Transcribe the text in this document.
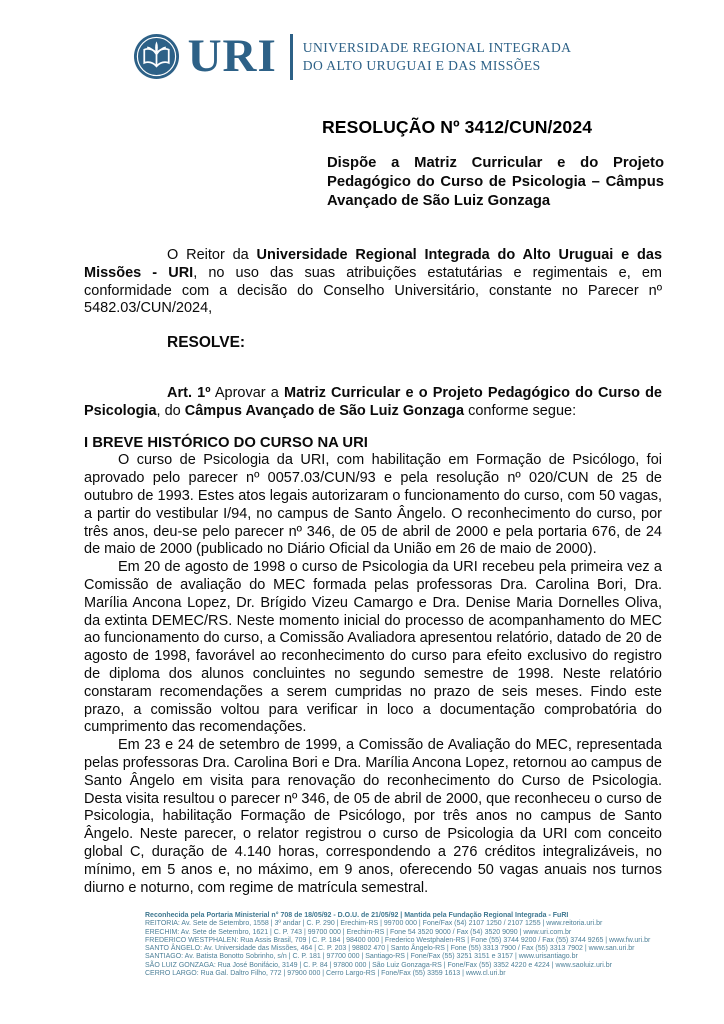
URI UNIVERSIDADE REGIONAL INTEGRADA
DO ALTO URUGUAI E DAS MISSÕES
RESOLUÇÃO Nº 3412/CUN/2024

Dispõe a Matriz Curricular e do Projeto Pedagógico do Curso de Psicologia – Câmpus Avançado de São Luiz Gonzaga

O Reitor da Universidade Regional Integrada do Alto Uruguai e das Missões - URI, no uso das suas atribuições estatutárias e regimentais e, em conformidade com a decisão do Conselho Universitário, constante no Parecer nº 5482.03/CUN/2024,

RESOLVE:

Art. 1º Aprovar a Matriz Curricular e o Projeto Pedagógico do Curso de Psicologia, do Câmpus Avançado de São Luiz Gonzaga conforme segue:

I BREVE HISTÓRICO DO CURSO NA URI

O curso de Psicologia da URI, com habilitação em Formação de Psicólogo, foi aprovado pelo parecer nº 0057.03/CUN/93 e pela resolução nº 020/CUN de 25 de outubro de 1993. Estes atos legais autorizaram o funcionamento do curso, com 50 vagas, a partir do vestibular I/94, no campus de Santo Ângelo. O reconhecimento do curso, por três anos, deu-se pelo parecer nº 346, de 05 de abril de 2000 e pela portaria 676, de 24 de maio de 2000 (publicado no Diário Oficial da União em 26 de maio de 2000).

Em 20 de agosto de 1998 o curso de Psicologia da URI recebeu pela primeira vez a Comissão de avaliação do MEC formada pelas professoras Dra. Carolina Bori, Dra. Marília Ancona Lopez, Dr. Brígido Vizeu Camargo e Dra. Denise Maria Dornelles Oliva, da extinta DEMEC/RS. Neste momento inicial do processo de acompanhamento do MEC ao funcionamento do curso, a Comissão Avaliadora apresentou relatório, datado de 20 de agosto de 1998, favorável ao reconhecimento do curso para efeito exclusivo do registro de diploma dos alunos concluintes no segundo semestre de 1998. Neste relatório constaram recomendações a serem cumpridas no prazo de seis meses. Findo este prazo, a comissão voltou para verificar in loco a documentação comprobatória do cumprimento das recomendações.

Em 23 e 24 de setembro de 1999, a Comissão de Avaliação do MEC, representada pelas professoras Dra. Carolina Bori e Dra. Marília Ancona Lopez, retornou ao campus de Santo Ângelo em visita para renovação do reconhecimento do Curso de Psicologia. Desta visita resultou o parecer nº 346, de 05 de abril de 2000, que reconheceu o curso de Psicologia, habilitação Formação de Psicólogo, por três anos no campus de Santo Ângelo. Neste parecer, o relator registrou o curso de Psicologia da URI com conceito global C, duração de 4.140 horas, correspondendo a 276 créditos integralizáveis, no mínimo, em 5 anos e, no máximo, em 9 anos, oferecendo 50 vagas anuais nos turnos diurno e noturno, com regime de matrícula semestral.

Reconhecida pela Portaria Ministerial n° 708 de 18/05/92 - D.O.U. de 21/05/92 | Mantida pela Fundação Regional Integrada - FuRI
REITORIA: Av. Sete de Setembro, 1558 | 3º andar | C. P. 290 | Erechim-RS | 99700 000 | Fone/Fax (54) 2107 1250 / 2107 1255 | www.reitoria.uri.br
ERECHIM: Av. Sete de Setembro, 1621 | C. P. 743 | 99700 000 | Erechim-RS | Fone 54 3520 9000 / Fax (54) 3520 9090 | www.uri.com.br
FREDERICO WESTPHALEN: Rua Assis Brasil, 709 | C. P. 184 | 98400 000 | Frederico Westphalen-RS | Fone (55) 3744 9200 / Fax (55) 3744 9265 | www.fw.uri.br
SANTO ÂNGELO: Av. Universidade das Missões, 464 | C. P. 203 | 98802 470 | Santo Ângelo-RS | Fone (55) 3313 7900 / Fax (55) 3313 7902 | www.san.uri.br
SANTIAGO: Av. Batista Bonotto Sobrinho, s/n | C. P. 181 | 97700 000 | Santiago-RS | Fone/Fax (55) 3251 3151 e 3157 | www.urisantiago.br
SÃO LUIZ GONZAGA: Rua José Bonifácio, 3149 | C. P. 84 | 97800 000 | São Luiz Gonzaga-RS | Fone/Fax (55) 3352 4220 e 4224 | www.saoluiz.uri.br
CERRO LARGO: Rua Gal. Daltro Filho, 772 | 97900 000 | Cerro Largo-RS | Fone/Fax (55) 3359 1613 | www.cl.uri.br
